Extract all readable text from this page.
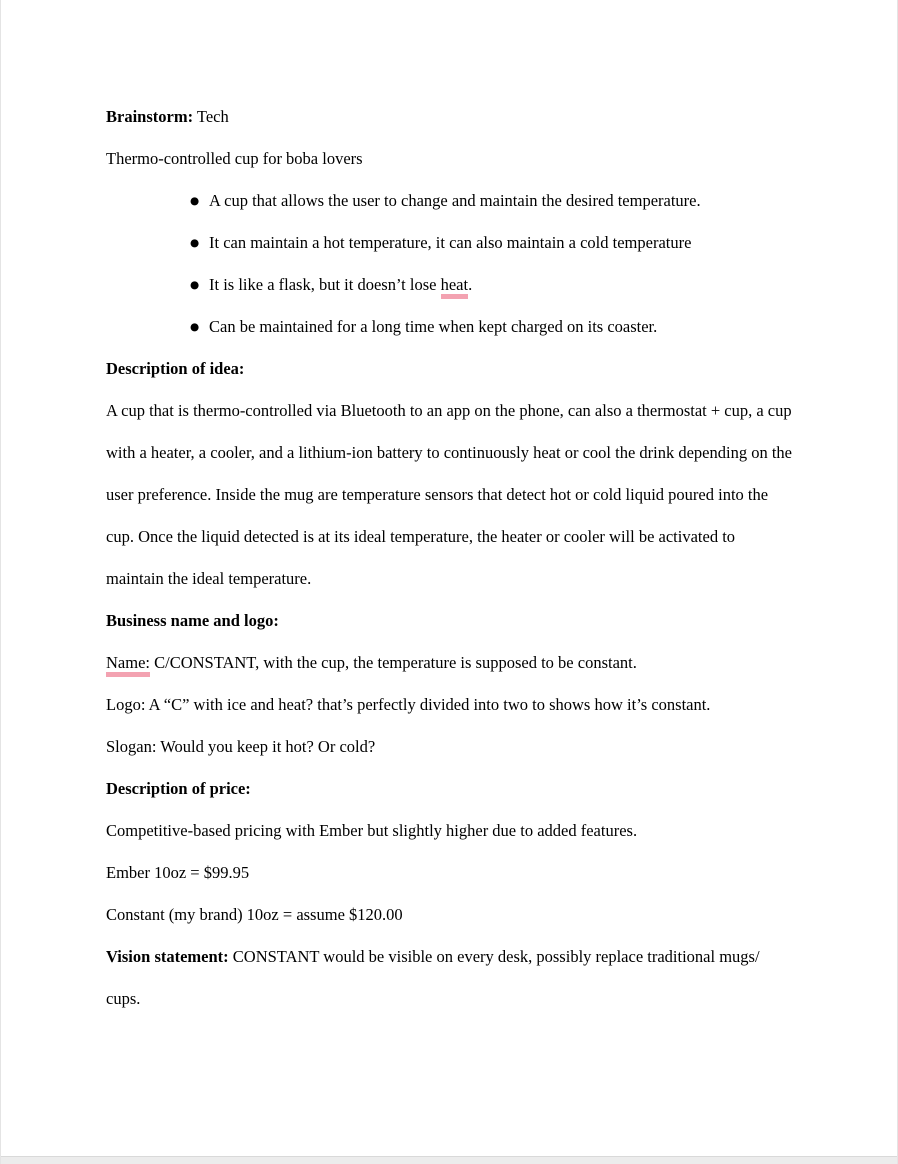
Brainstorm: Tech

Thermo-controlled cup for boba lovers

● A cup that allows the user to change and maintain the desired temperature.
● It can maintain a hot temperature, it can also maintain a cold temperature
● It is like a flask, but it doesn’t lose heat.
● Can be maintained for a long time when kept charged on its coaster.

Description of idea:

A cup that is thermo-controlled via Bluetooth to an app on the phone, can also a thermostat + cup, a cup with a heater, a cooler, and a lithium-ion battery to continuously heat or cool the drink depending on the user preference. Inside the mug are temperature sensors that detect hot or cold liquid poured into the cup. Once the liquid detected is at its ideal temperature, the heater or cooler will be activated to maintain the ideal temperature.

Business name and logo:

Name: C/CONSTANT, with the cup, the temperature is supposed to be constant.

Logo: A “C” with ice and heat? that’s perfectly divided into two to shows how it’s constant.

Slogan: Would you keep it hot? Or cold?

Description of price:

Competitive-based pricing with Ember but slightly higher due to added features.

Ember 10oz = $99.95

Constant (my brand) 10oz = assume $120.00

Vision statement: CONSTANT would be visible on every desk, possibly replace traditional mugs/ cups.
